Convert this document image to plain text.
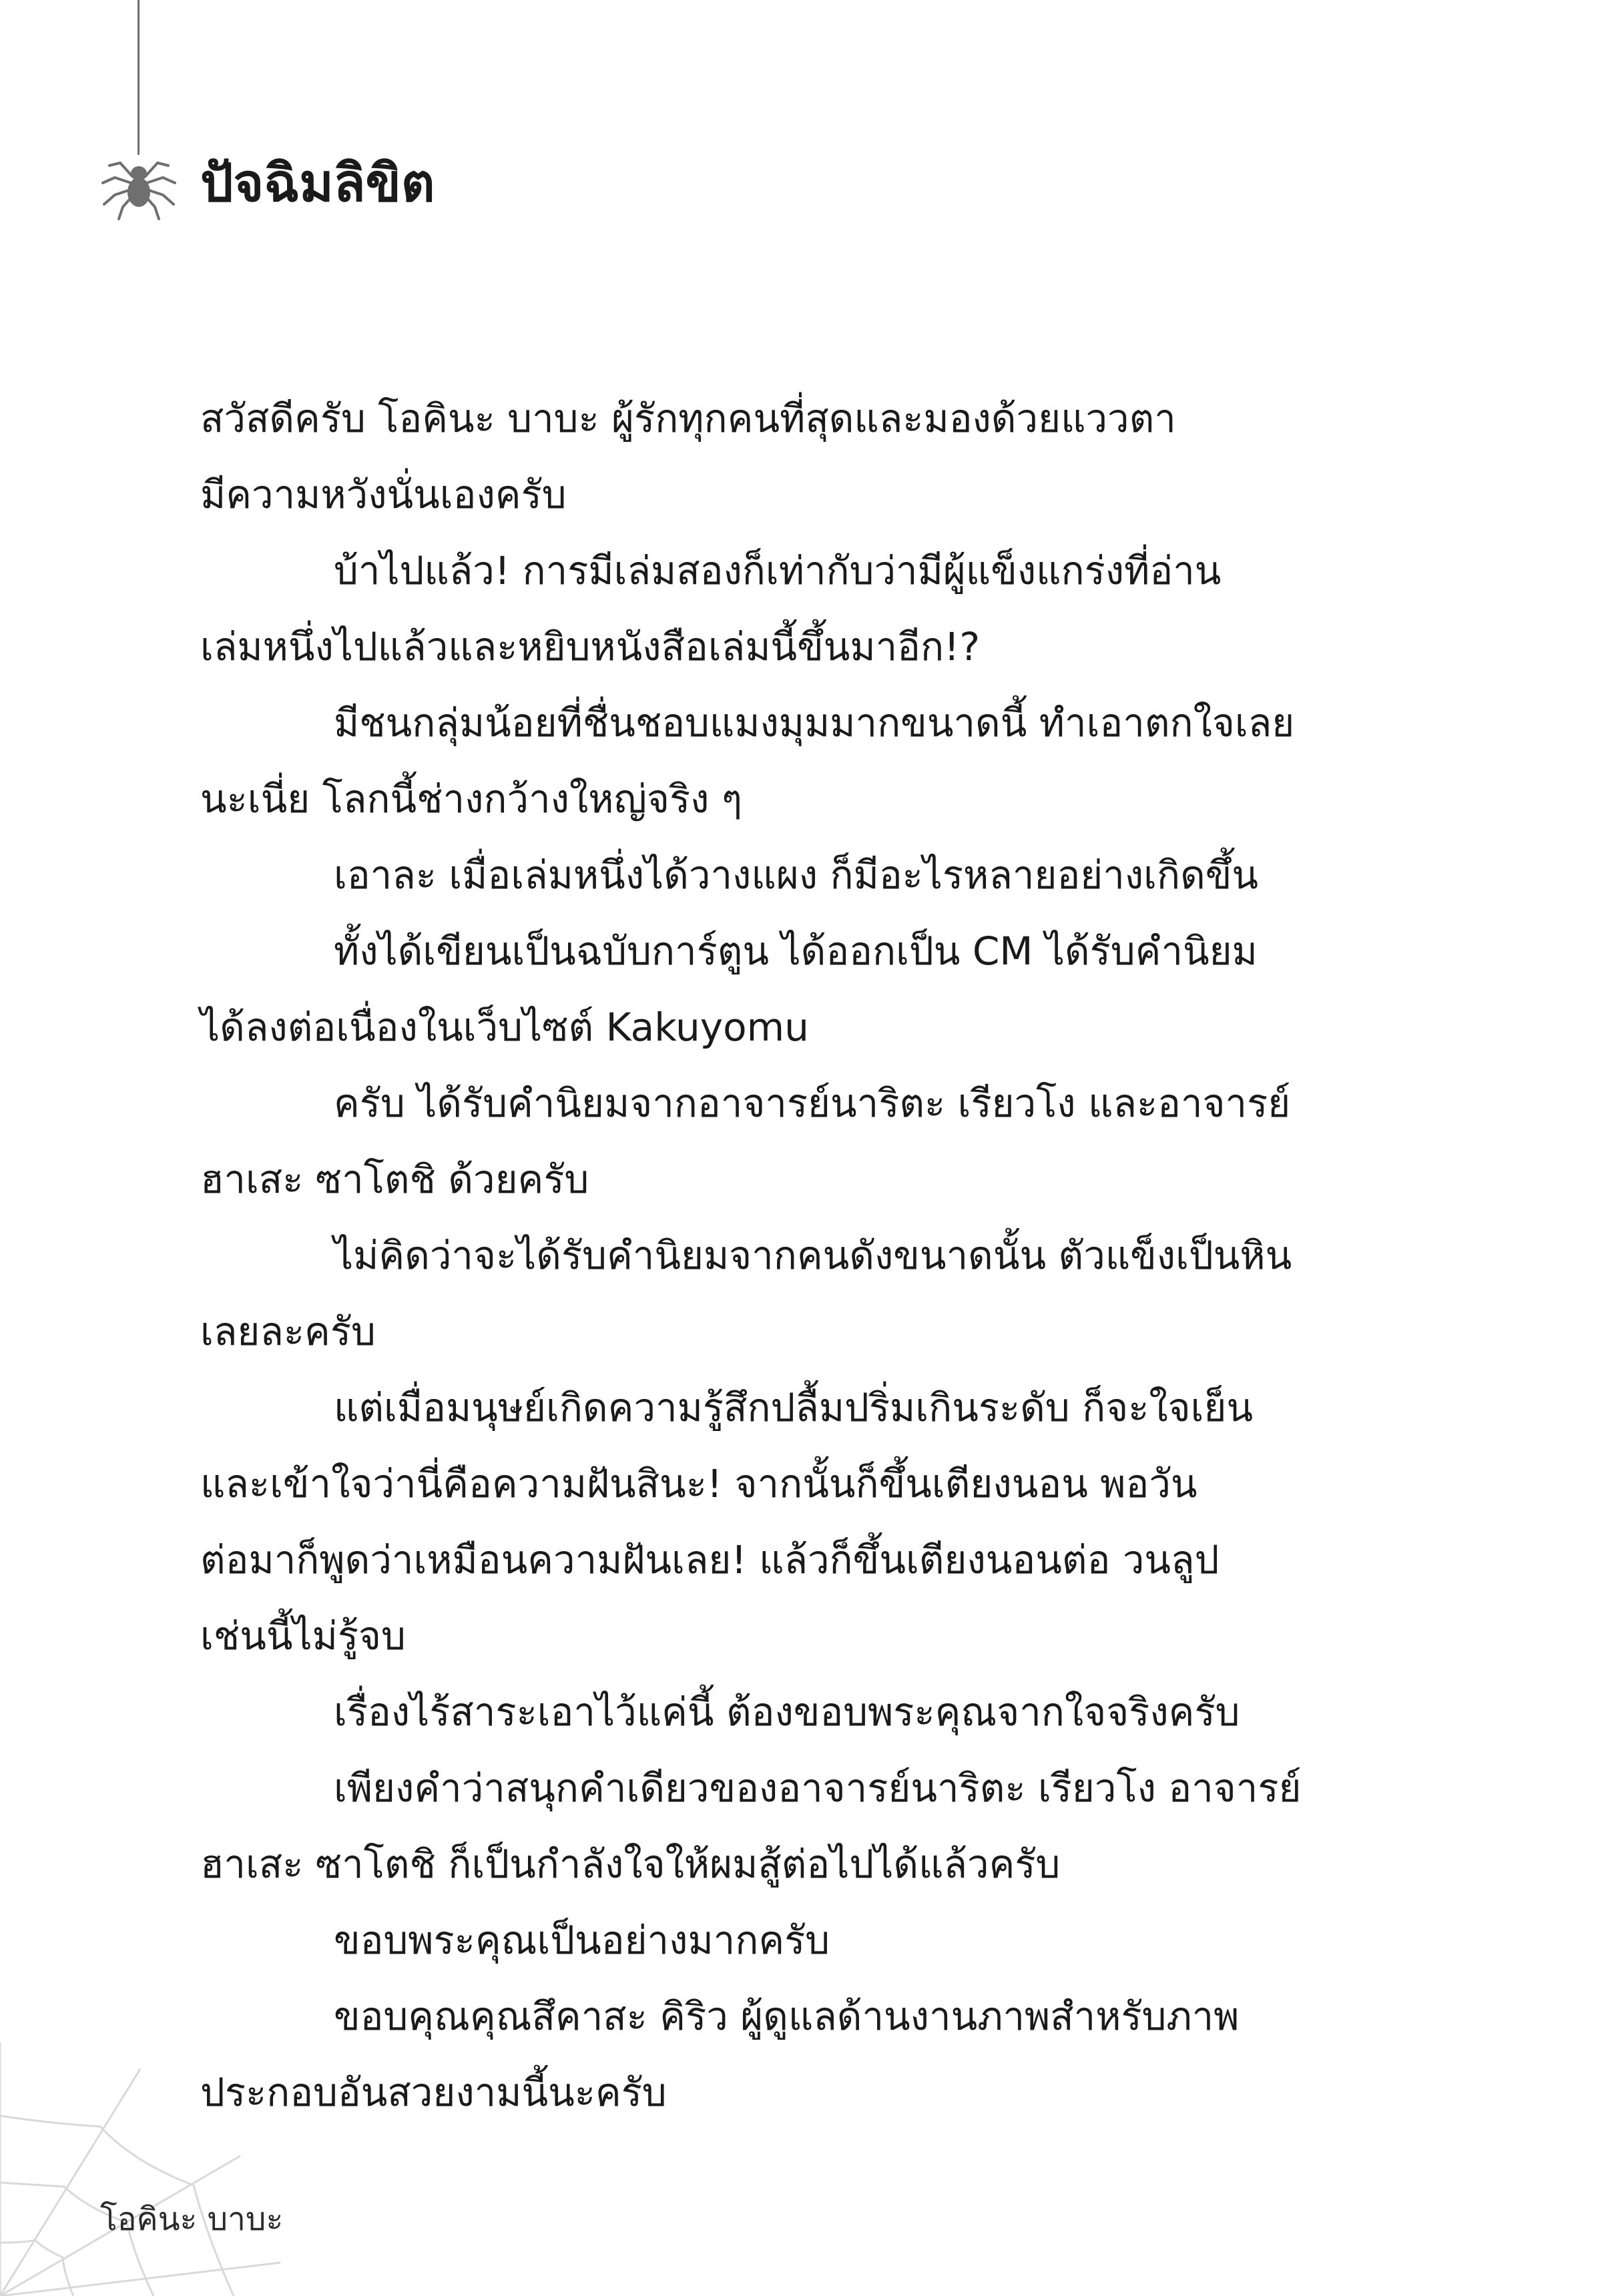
ปัจฉิมลิขิต

สวัสดีครับ โอคินะ บาบะ ผู้รักทุกคนที่สุดและมองด้วยแววตา
มีความหวังนั่นเองครับ

บ้าไปแล้ว! การมีเล่มสองก็เท่ากับว่ามีผู้แข็งแกร่งที่อ่าน
เล่มหนึ่งไปแล้วและหยิบหนังสือเล่มนี้ขึ้นมาอีก!?

มีชนกลุ่มน้อยที่ชื่นชอบแมงมุมมากขนาดนี้ ทำเอาตกใจเลย
นะเนี่ย โลกนี้ช่างกว้างใหญ่จริง ๆ

เอาละ เมื่อเล่มหนึ่งได้วางแผง ก็มีอะไรหลายอย่างเกิดขึ้น

ทั้งได้เขียนเป็นฉบับการ์ตูน ได้ออกเป็น CM ได้รับคำนิยม
ได้ลงต่อเนื่องในเว็บไซต์ Kakuyomu

ครับ ได้รับคำนิยมจากอาจารย์นาริตะ เรียวโง และอาจารย์
ฮาเสะ ซาโตชิ ด้วยครับ

ไม่คิดว่าจะได้รับคำนิยมจากคนดังขนาดนั้น ตัวแข็งเป็นหิน
เลยละครับ

แต่เมื่อมนุษย์เกิดความรู้สึกปลื้มปริ่มเกินระดับ ก็จะใจเย็น
และเข้าใจว่านี่คือความฝันสินะ! จากนั้นก็ขึ้นเตียงนอน พอวัน
ต่อมาก็พูดว่าเหมือนความฝันเลย! แล้วก็ขึ้นเตียงนอนต่อ วนลูป
เช่นนี้ไม่รู้จบ

เรื่องไร้สาระเอาไว้แค่นี้ ต้องขอบพระคุณจากใจจริงครับ

เพียงคำว่าสนุกคำเดียวของอาจารย์นาริตะ เรียวโง อาจารย์
ฮาเสะ ซาโตชิ ก็เป็นกำลังใจให้ผมสู้ต่อไปได้แล้วครับ

ขอบพระคุณเป็นอย่างมากครับ

ขอบคุณคุณสึคาสะ คิริว ผู้ดูแลด้านงานภาพสำหรับภาพ
ประกอบอันสวยงามนี้นะครับ

โอคินะ บาบะ
